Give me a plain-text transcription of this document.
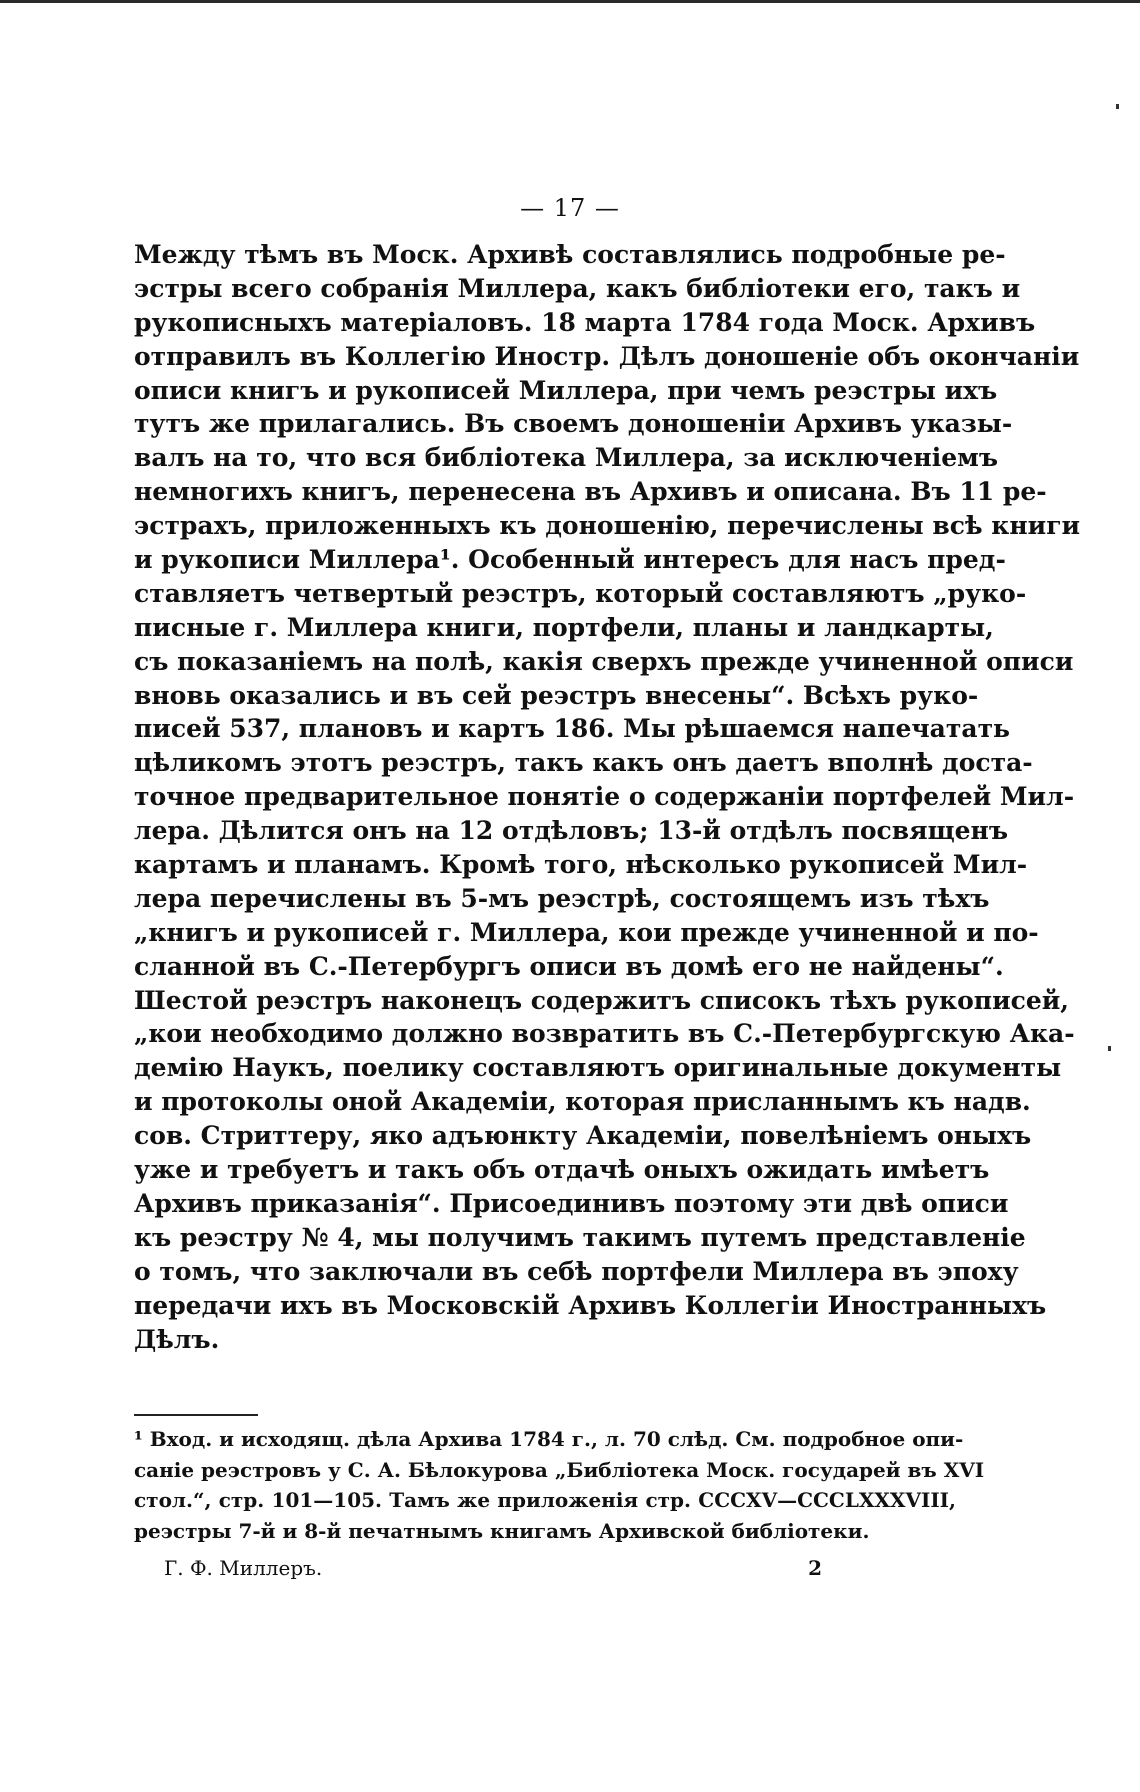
— 17 —
Между тѣмъ въ Моск. Архивѣ составлялись подробные ре-
эстры всего собранія Миллера, какъ библіотеки его, такъ и
рукописныхъ матеріаловъ. 18 марта 1784 года Моск. Архивъ
отправилъ въ Коллегію Иностр. Дѣлъ доношеніе объ окончаніи
описи книгъ и рукописей Миллера, при чемъ реэстры ихъ
тутъ же прилагались. Въ своемъ доношеніи Архивъ указы-
валъ на то, что вся библіотека Миллера, за исключеніемъ
немногихъ книгъ, перенесена въ Архивъ и описана. Въ 11 ре-
эстрахъ, приложенныхъ къ доношенію, перечислены всѣ книги
и рукописи Миллера¹. Особенный интересъ для насъ пред-
ставляетъ четвертый реэстръ, который составляютъ „руко-
писные г. Миллера книги, портфели, планы и ландкарты,
съ показаніемъ на полѣ, какія сверхъ прежде учиненной описи
вновь оказались и въ сей реэстръ внесены“. Всѣхъ руко-
писей 537, плановъ и картъ 186. Мы рѣшаемся напечатать
цѣликомъ этотъ реэстръ, такъ какъ онъ даетъ вполнѣ доста-
точное предварительное понятіе о содержаніи портфелей Мил-
лера. Дѣлится онъ на 12 отдѣловъ; 13-й отдѣлъ посвященъ
картамъ и планамъ. Кромѣ того, нѣсколько рукописей Мил-
лера перечислены въ 5-мъ реэстрѣ, состоящемъ изъ тѣхъ
„книгъ и рукописей г. Миллера, кои прежде учиненной и по-
сланной въ С.-Петербургъ описи въ домѣ его не найдены“.
Шестой реэстръ наконецъ содержитъ списокъ тѣхъ рукописей,
„кои необходимо должно возвратить въ С.-Петербургскую Ака-
демію Наукъ, поелику составляютъ оригинальные документы
и протоколы оной Академіи, которая присланнымъ къ надв.
сов. Стриттеру, яко адъюнкту Академіи, повелѣніемъ оныхъ
уже и требуетъ и такъ объ отдачѣ оныхъ ожидать имѣетъ
Архивъ приказанія“. Присоединивъ поэтому эти двѣ описи
къ реэстру № 4, мы получимъ такимъ путемъ представленіе
о томъ, что заключали въ себѣ портфели Миллера въ эпоху
передачи ихъ въ Московскій Архивъ Коллегіи Иностранныхъ
Дѣлъ.
¹ Вход. и исходящ. дѣла Архива 1784 г., л. 70 слѣд. См. подробное опи-
саніе реэстровъ у С. А. Бѣлокурова „Библіотека Моск. государей въ XVI
стол.“, стр. 101—105. Тамъ же приложенія стр. CCCXV—CCCLXXXVIII,
реэстры 7-й и 8-й печатнымъ книгамъ Архивской библіотеки.
Г. Ф. Миллеръ.	2
